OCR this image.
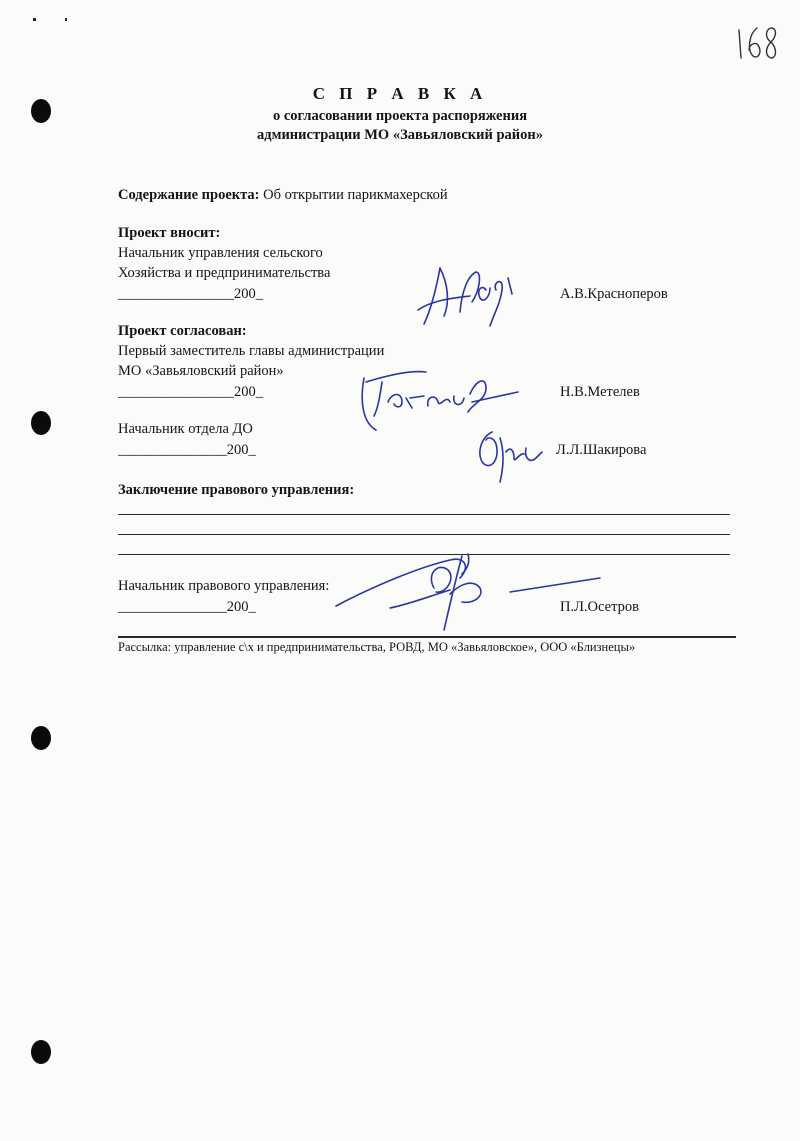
С П Р А В К А
о согласовании проекта распоряжения
администрации МО «Завьяловский район»
Содержание проекта: Об открытии парикмахерской
Проект вносит:
Начальник управления сельского
Хозяйства и предпринимательства
________________200_	А.В.Красноперов
Проект согласован:
Первый заместитель главы администрации
МО «Завьяловский район»
________________200_	Н.В.Метелев
Начальник отдела ДО
_______________200_	Л.Л.Шакирова
Заключение правового управления:
Начальник правового управления:
_______________200_	П.Л.Осетров
Рассылка: управление с\х и предпринимательства, РОВД, МО «Завьяловское», ООО «Близнецы»
